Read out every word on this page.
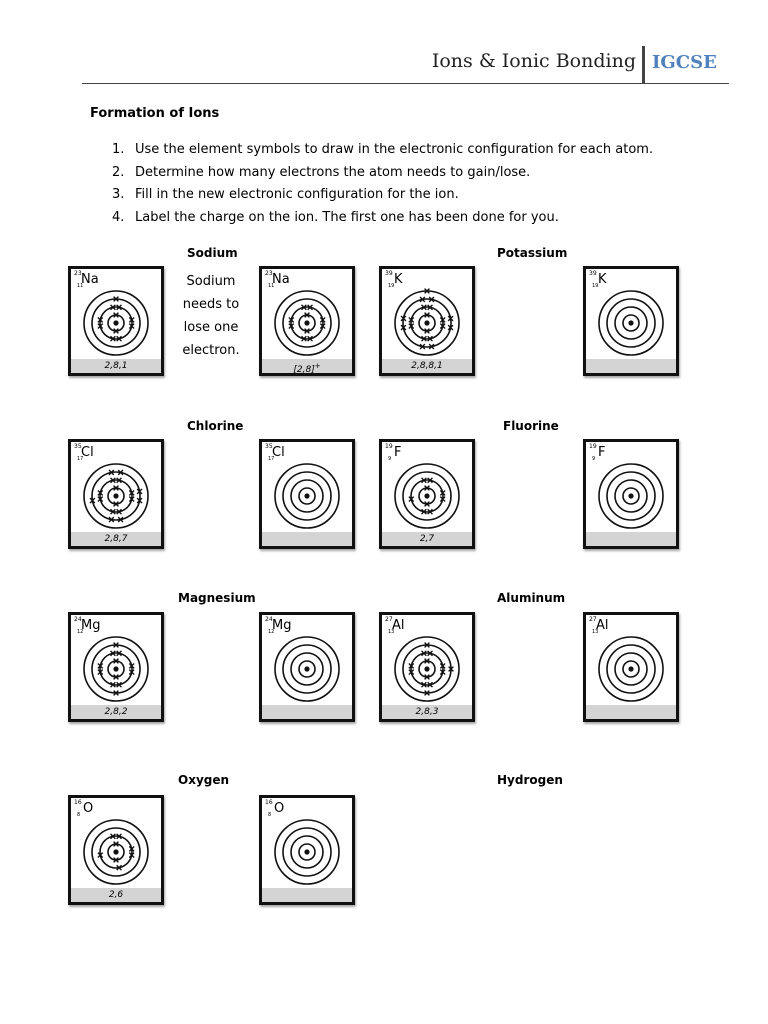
Ions & Ionic Bonding IGCSE
Formation of Ions
1. Use the element symbols to draw in the electronic configuration for each atom.
2. Determine how many electrons the atom needs to gain/lose.
3. Fill in the new electronic configuration for the ion.
4. Label the charge on the ion. The first one has been done for you.
Sodium	Potassium
Chlorine	Fluorine
Magnesium	Aluminum
Oxygen	Hydrogen
Sodium
needs to
lose one
electron.
23
11
Na
2,8,1
23
11
Na
[2,8]+
39
19 K
2,8,8,1
39
19 K
35
17
Cl
2,8,7
35
17
Cl	19
9 F
2,7
19
9 F
24
12
Mg
2,8,2
24
12
Mg	27
13
Al
2,8,3
27
13
Al
16
8 O
2,6
16
8 O
